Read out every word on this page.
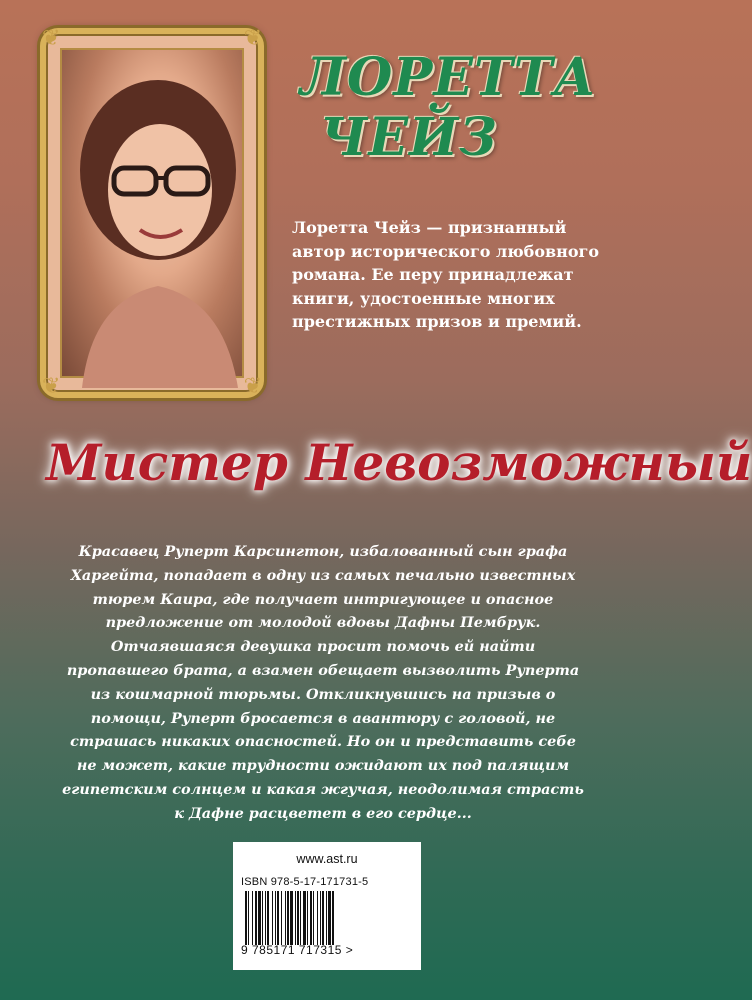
❦	❦
❦	❦
ЛОРЕТТА
ЧЕЙЗ
Лоретта Чейз — признанный автор исторического любовного романа. Ее перу принадлежат книги, удостоенные многих престижных призов и премий.
Мистер Невозможный
Красавец Руперт Карсингтон, избалованный сын графа Харгейта, попадает в одну из самых печально известных тюрем Каира, где получает интригующее и опасное предложение от молодой вдовы Дафны Пембрук. Отчаявшаяся девушка просит помочь ей найти пропавшего брата, а взамен обещает вызволить Руперта из кошмарной тюрьмы. Откликнувшись на призыв о помощи, Руперт бросается в авантюру с головой, не страшась никаких опасностей. Но он и представить себе не может, какие трудности ожидают их под палящим египетским солнцем и какая жгучая, неодолимая страсть к Дафне расцветет в его сердце...
www.ast.ru
ISBN 978-5-17-171731-5
9 785171 717315 >
